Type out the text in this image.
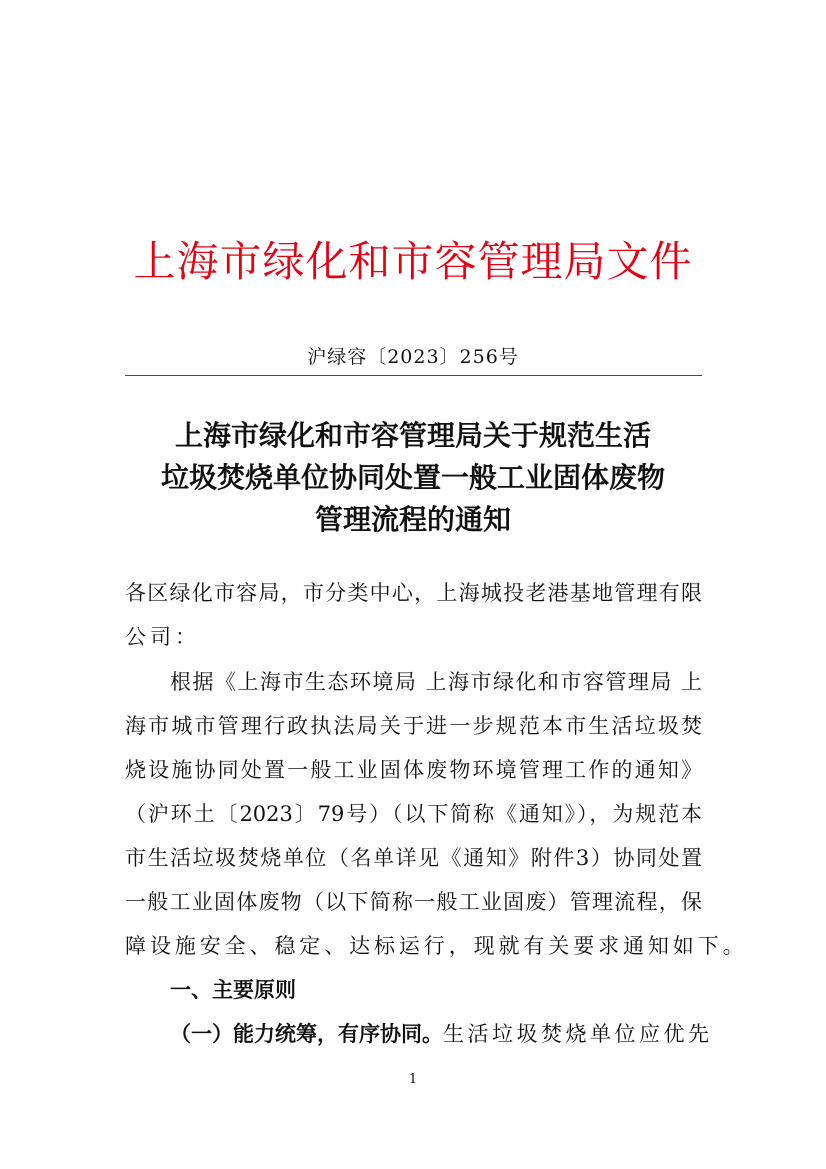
上海市绿化和市容管理局文件
沪绿容〔2023〕256号
上海市绿化和市容管理局关于规范生活
垃圾焚烧单位协同处置一般工业固体废物
管理流程的通知
各区绿化市容局，市分类中心，上海城投老港基地管理有限
公司：
根据《上海市生态环境局 上海市绿化和市容管理局 上
海市城市管理行政执法局关于进一步规范本市生活垃圾焚
烧设施协同处置一般工业固体废物环境管理工作的通知》
（沪环土〔2023〕79号）（以下简称《通知》），为规范本
市生活垃圾焚烧单位（名单详见《通知》附件3）协同处置
一般工业固体废物（以下简称一般工业固废）管理流程，保
障设施安全、稳定、达标运行，现就有关要求通知如下。
一、主要原则
（一）能力统筹，有序协同。 生活垃圾焚烧单位应优先
1
